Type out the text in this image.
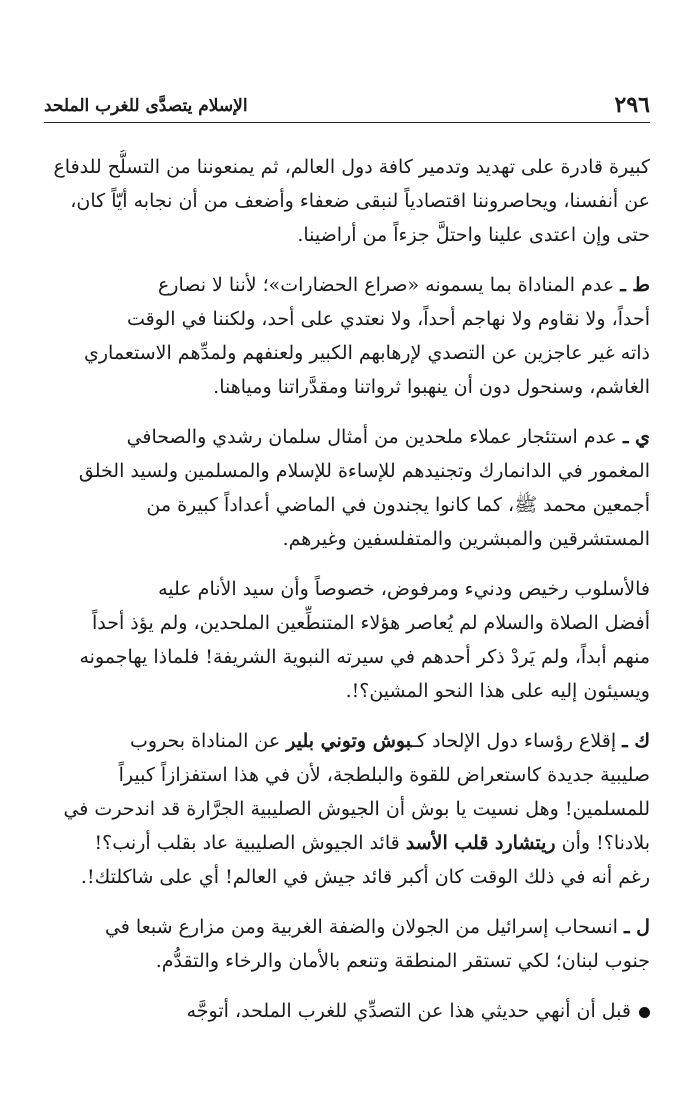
٢٩٦
الإسلام يتصدَّى للغرب الملحد

كبيرة قادرة على تهديد وتدمير كافة دول العالم، ثم يمنعوننا من التسلُّح للدفاع
عن أنفسنا، ويحاصروننا اقتصادياً لنبقى ضعفاء وأضعف من أن نجابه أيّاً كان،
حتى وإن اعتدى علينا واحتلَّ جزءاً من أراضينا.

ط ـ عدم المناداة بما يسمونه «صراع الحضارات»؛ لأننا لا نصارع
أحداً، ولا نقاوم ولا نهاجم أحداً، ولا نعتدي على أحد، ولكننا في الوقت
ذاته غير عاجزين عن التصدي لإرهابهم الكبير ولعنفهم ولمدِّهم الاستعماري
الغاشم، وسنحول دون أن ينهبوا ثرواتنا ومقدَّراتنا ومياهنا.

ي ـ عدم استئجار عملاء ملحدين من أمثال سلمان رشدي والصحافي
المغمور في الدانمارك وتجنيدهم للإساءة للإسلام والمسلمين ولسيد الخلق
أجمعين محمد ﷺ، كما كانوا يجندون في الماضي أعداداً كبيرة من
المستشرقين والمبشرين والمتفلسفين وغيرهم.

فالأسلوب رخيص ودنيء ومرفوض، خصوصاً وأن سيد الأنام عليه
أفضل الصلاة والسلام لم يُعاصر هؤلاء المتنطِّعين الملحدين، ولم يؤذ أحداً
منهم أبداً، ولم يَردْ ذكر أحدهم في سيرته النبوية الشريفة! فلماذا يهاجمونه
ويسيئون إليه على هذا النحو المشين؟!.

ك ـ إقلاع رؤساء دول الإلحاد كـبوش وتوني بلير عن المناداة بحروب
صليبية جديدة كاستعراض للقوة والبلطجة، لأن في هذا استفزازاً كبيراً
للمسلمين! وهل نسيت يا بوش أن الجيوش الصليبية الجرَّارة قد اندحرت في
بلادنا؟! وأن ريتشارد قلب الأسد قائد الجيوش الصليبية عاد بقلب أرنب؟!
رغم أنه في ذلك الوقت كان أكبر قائد جيش في العالم! أي على شاكلتك!.

ل ـ انسحاب إسرائيل من الجولان والضفة الغربية ومن مزارع شبعا في
جنوب لبنان؛ لكي تستقر المنطقة وتنعم بالأمان والرخاء والتقدُّم.

قبل أن أنهي حديثي هذا عن التصدِّي للغرب الملحد، أتوجَّه
